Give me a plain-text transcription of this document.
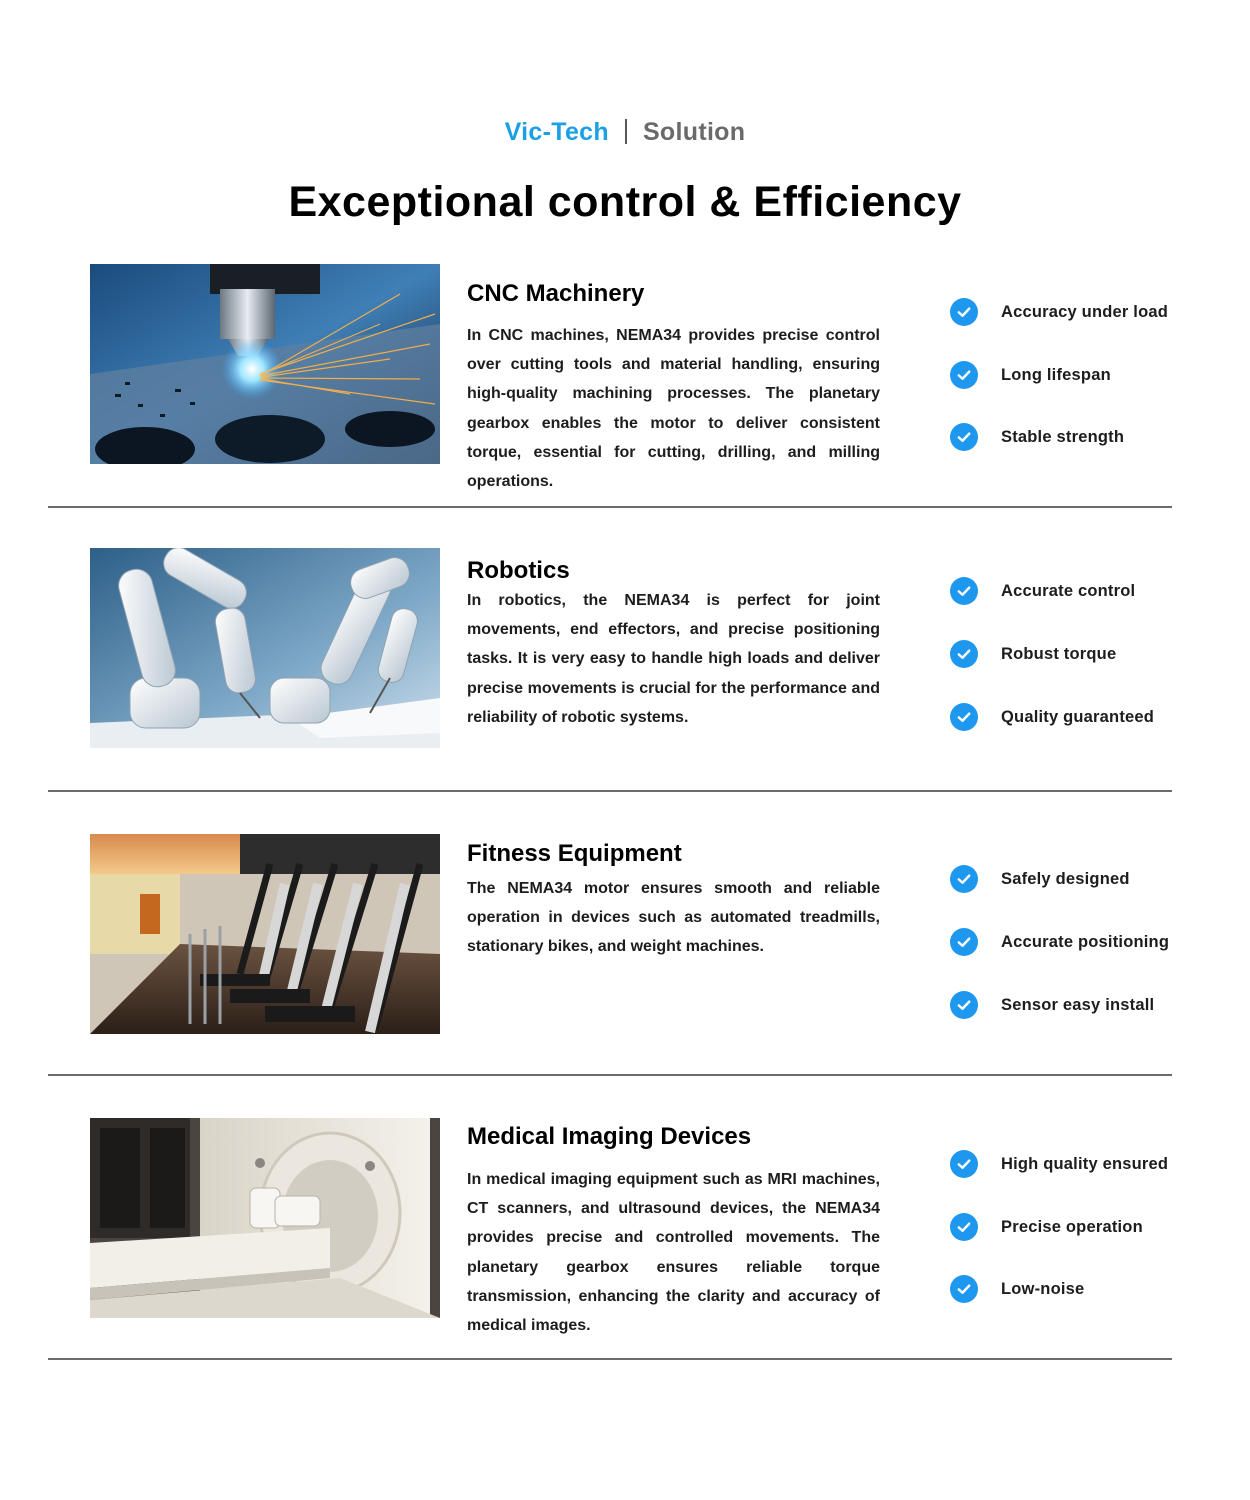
Vic-Tech Solution
Exceptional control & Efficiency
CNC Machinery

In CNC machines, NEMA34 provides precise control over cutting tools and material handling, ensuring high-quality machining processes. The planetary gearbox enables the motor to deliver consistent torque, essential for cutting, drilling, and milling operations.

Accuracy under load
Long lifespan
Stable strength
Robotics

In robotics, the NEMA34 is perfect for joint movements, end effectors, and precise positioning tasks. It is very easy to handle high loads and deliver precise movements is crucial for the performance and reliability of robotic systems.

Accurate control
Robust torque
Quality guaranteed
Fitness Equipment

The NEMA34 motor ensures smooth and reliable operation in devices such as automated treadmills, stationary bikes, and weight machines.

Safely designed
Accurate positioning
Sensor easy install
Medical Imaging Devices

In medical imaging equipment such as MRI machines, CT scanners, and ultrasound devices, the NEMA34 provides precise and controlled movements. The planetary gearbox ensures reliable torque transmission, enhancing the clarity and accuracy of medical images.

High quality ensured
Precise operation
Low-noise
